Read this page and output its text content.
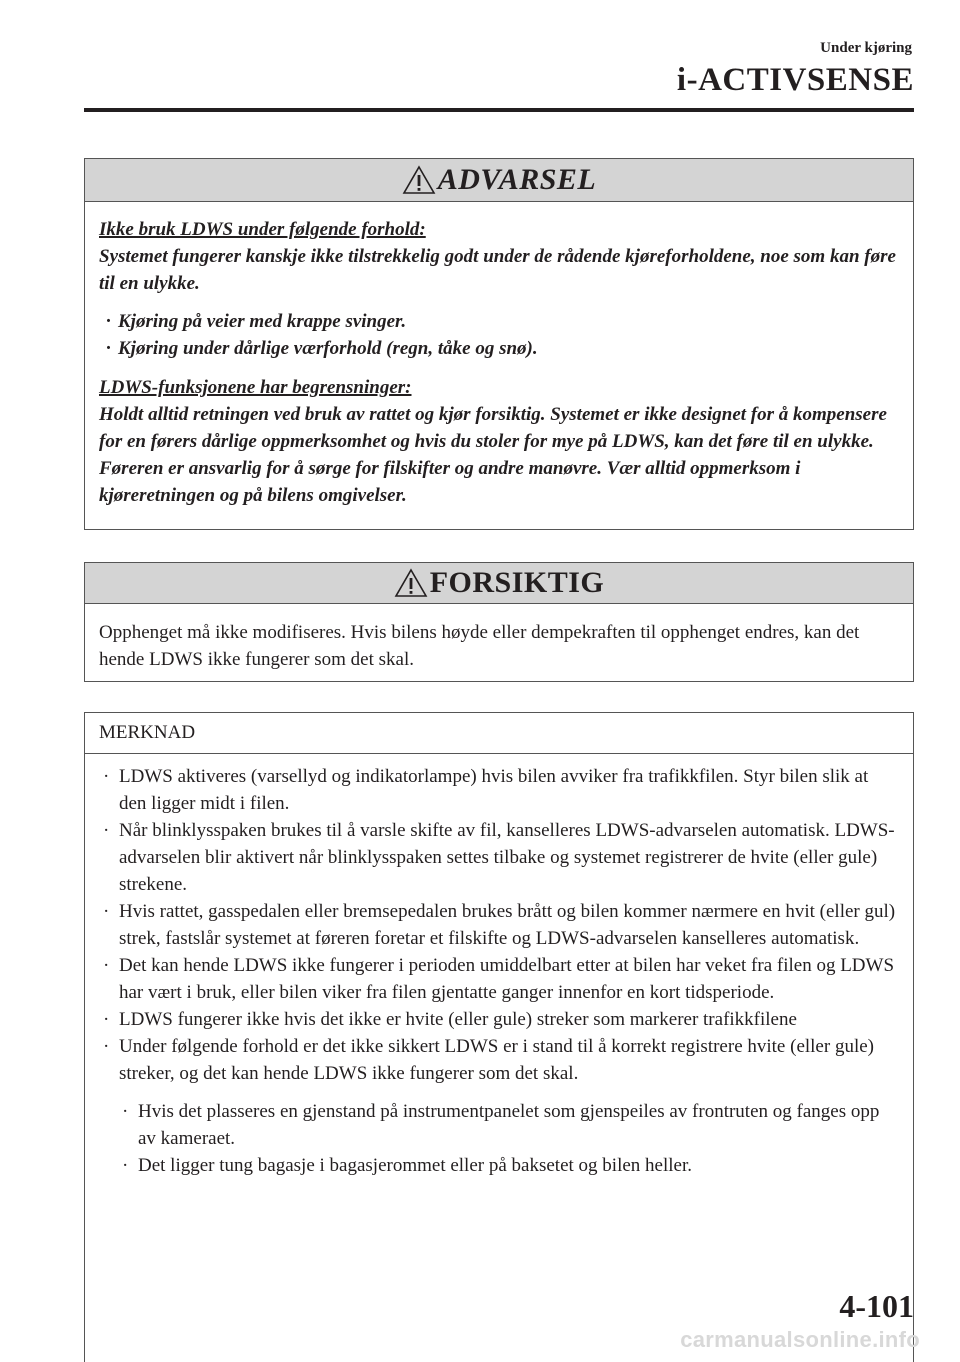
Under kjøring
i-ACTIVSENSE
ADVARSEL
Ikke bruk LDWS under følgende forhold:
Systemet fungerer kanskje ikke tilstrekkelig godt under de rådende kjøreforholdene, noe som kan føre til en ulykke.
· Kjøring på veier med krappe svinger.
· Kjøring under dårlige værforhold (regn, tåke og snø).
LDWS-funksjonene har begrensninger:
Holdt alltid retningen ved bruk av rattet og kjør forsiktig. Systemet er ikke designet for å kompensere for en førers dårlige oppmerksomhet og hvis du stoler for mye på LDWS, kan det føre til en ulykke. Føreren er ansvarlig for å sørge for filskifter og andre manøvre. Vær alltid oppmerksom i kjøreretningen og på bilens omgivelser.
FORSIKTIG
Opphenget må ikke modifiseres. Hvis bilens høyde eller dempekraften til opphenget endres, kan det hende LDWS ikke fungerer som det skal.
MERKNAD
· LDWS aktiveres (varsellyd og indikatorlampe) hvis bilen avviker fra trafikkfilen. Styr bilen slik at den ligger midt i filen.
· Når blinklysspaken brukes til å varsle skifte av fil, kanselleres LDWS-advarselen automatisk. LDWS-advarselen blir aktivert når blinklysspaken settes tilbake og systemet registrerer de hvite (eller gule) strekene.
· Hvis rattet, gasspedalen eller bremsepedalen brukes brått og bilen kommer nærmere en hvit (eller gul) strek, fastslår systemet at føreren foretar et filskifte og LDWS-advarselen kanselleres automatisk.
· Det kan hende LDWS ikke fungerer i perioden umiddelbart etter at bilen har veket fra filen og LDWS har vært i bruk, eller bilen viker fra filen gjentatte ganger innenfor en kort tidsperiode.
· LDWS fungerer ikke hvis det ikke er hvite (eller gule) streker som markerer trafikkfilene
· Under følgende forhold er det ikke sikkert LDWS er i stand til å korrekt registrere hvite (eller gule) streker, og det kan hende LDWS ikke fungerer som det skal.
· Hvis det plasseres en gjenstand på instrumentpanelet som gjenspeiles av frontruten og fanges opp av kameraet.
· Det ligger tung bagasje i bagasjerommet eller på baksetet og bilen heller.
4-101
carmanualsonline.info
